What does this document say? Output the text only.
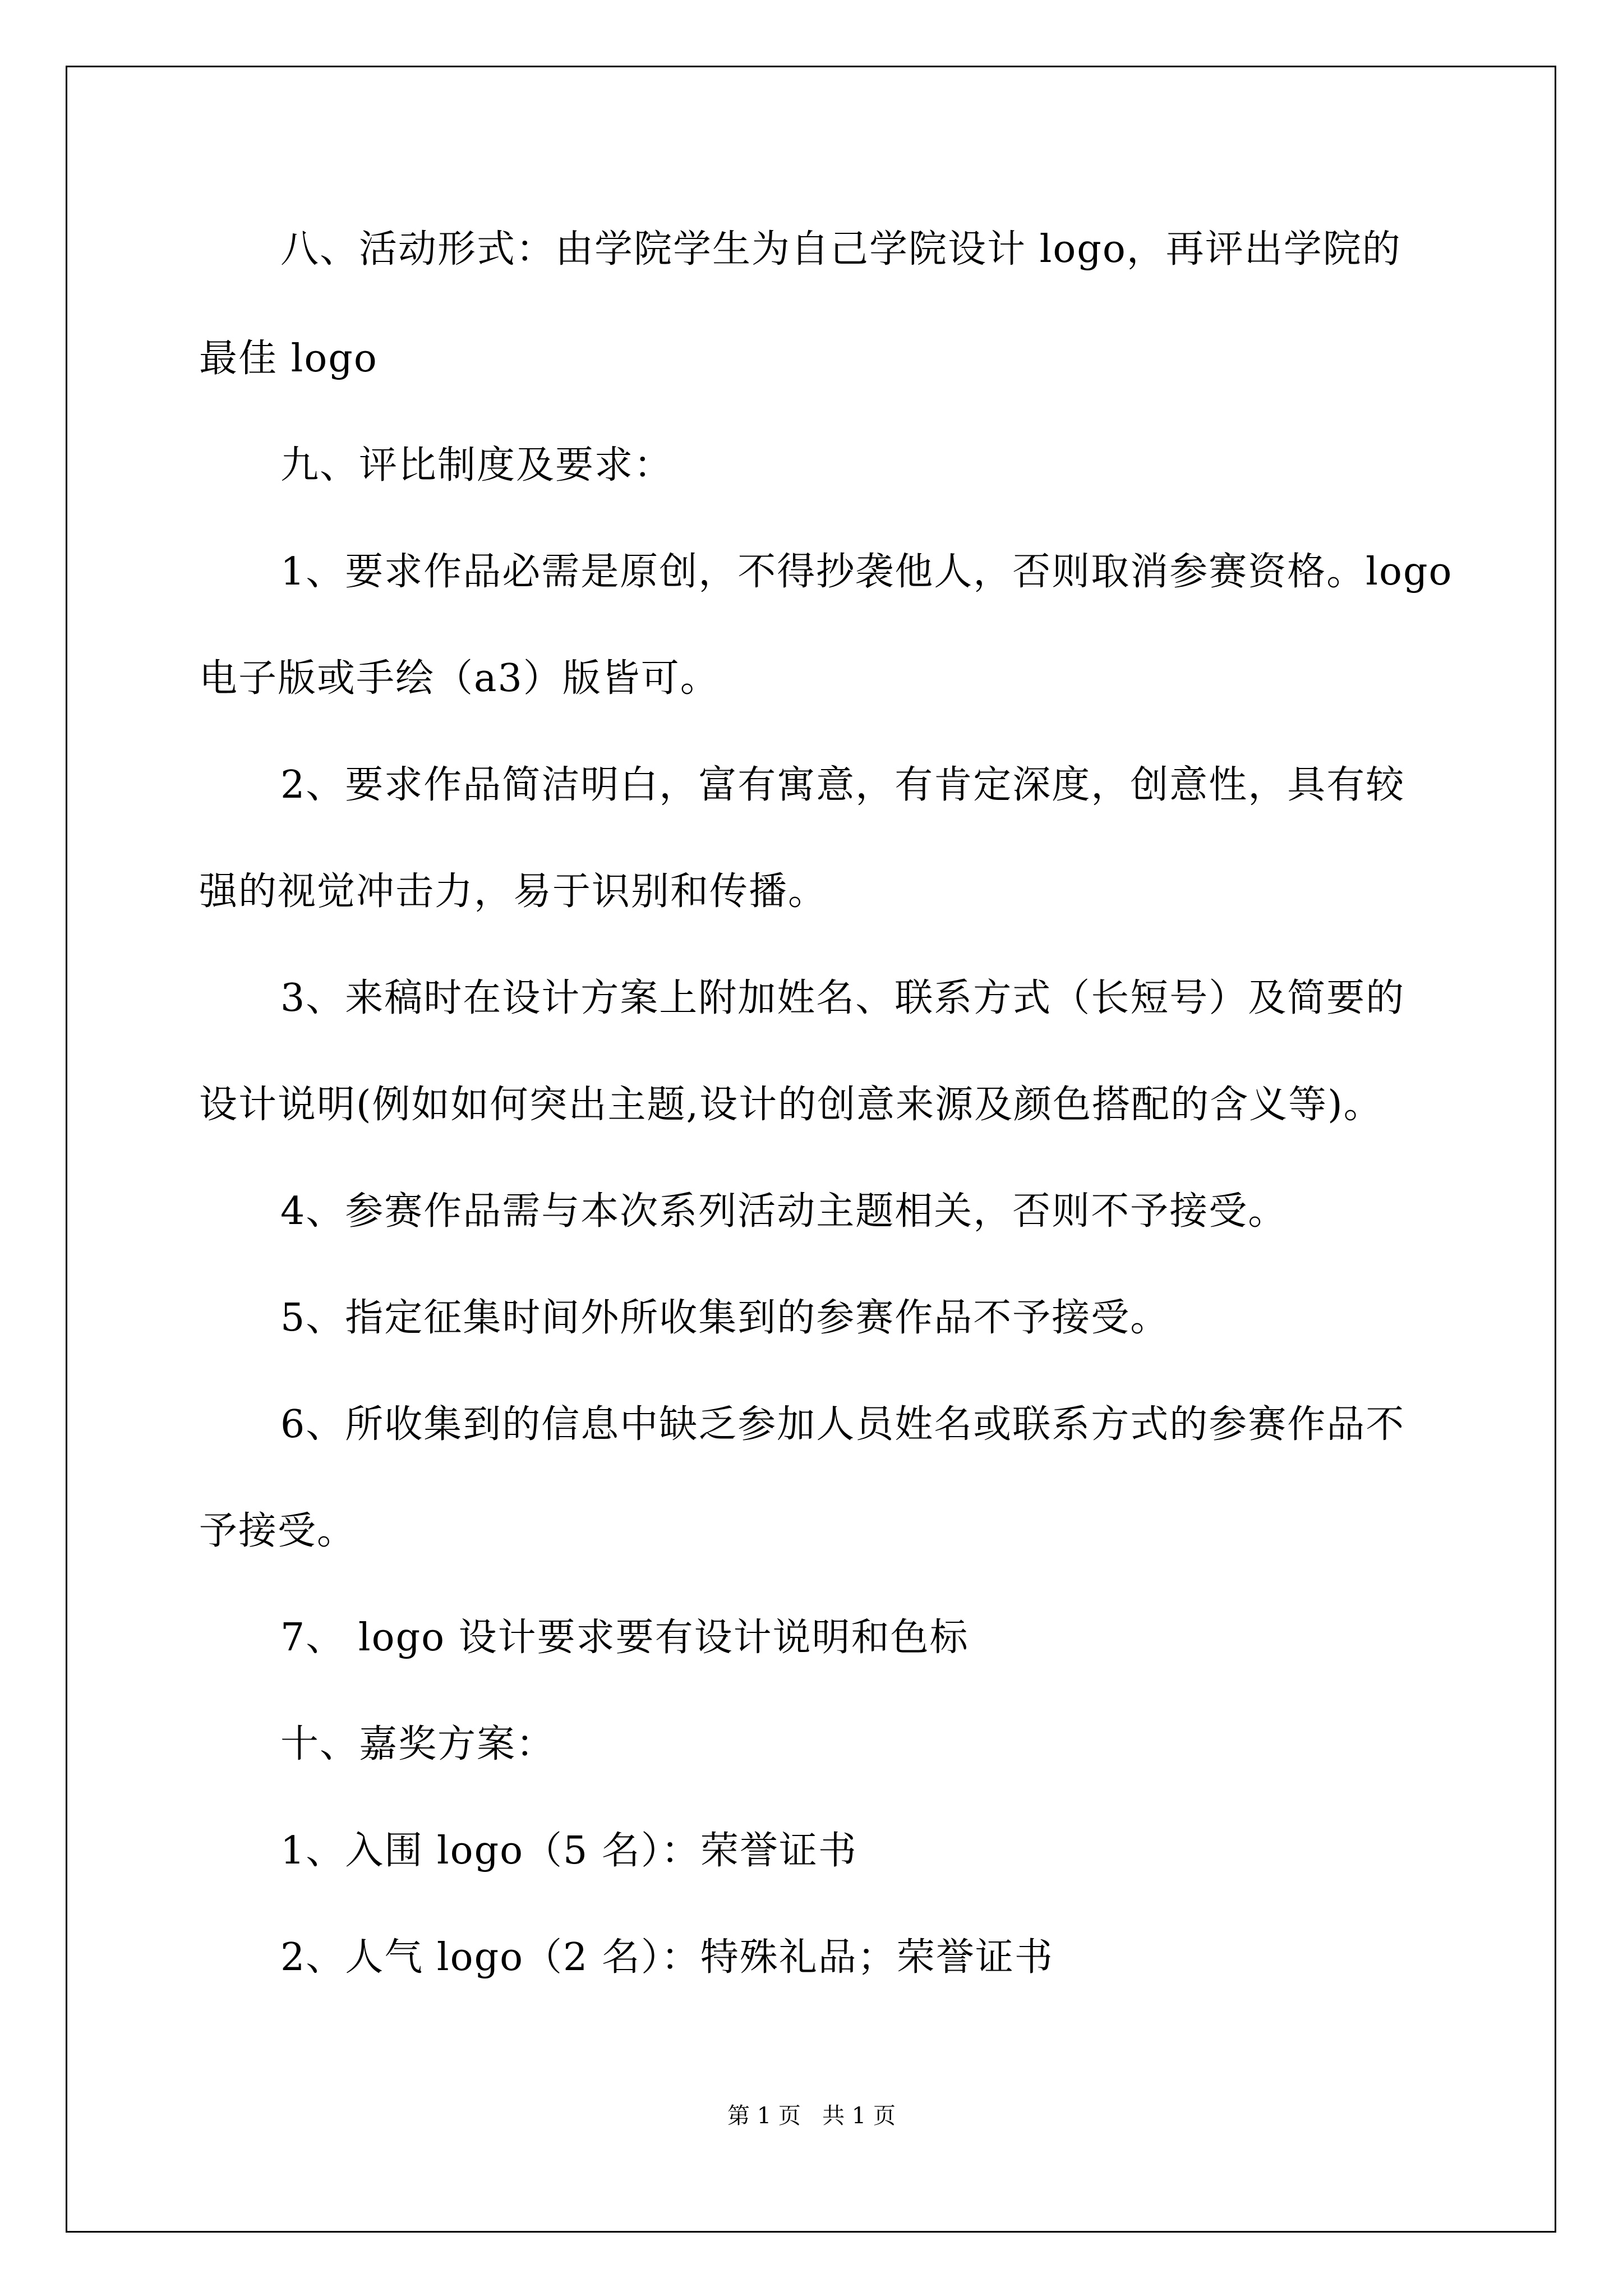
八、活动形式：由学院学生为自己学院设计 logo，再评出学院的
最佳 logo
九、评比制度及要求：
1、要求作品必需是原创，不得抄袭他人，否则取消参赛资格。logo
电子版或手绘（a3）版皆可。
2、要求作品简洁明白，富有寓意，有肯定深度，创意性，具有较
强的视觉冲击力，易于识别和传播。
3、来稿时在设计方案上附加姓名、联系方式（长短号）及简要的
设计说明(例如如何突出主题,设计的创意来源及颜色搭配的含义等)。
4、参赛作品需与本次系列活动主题相关，否则不予接受。
5、指定征集时间外所收集到的参赛作品不予接受。
6、所收集到的信息中缺乏参加人员姓名或联系方式的参赛作品不
予接受。
7、 logo 设计要求要有设计说明和色标
十、嘉奖方案：
1、入围 logo（5 名）：荣誉证书
2、人气 logo（2 名）：特殊礼品；荣誉证书
第 1 页   共 1 页
